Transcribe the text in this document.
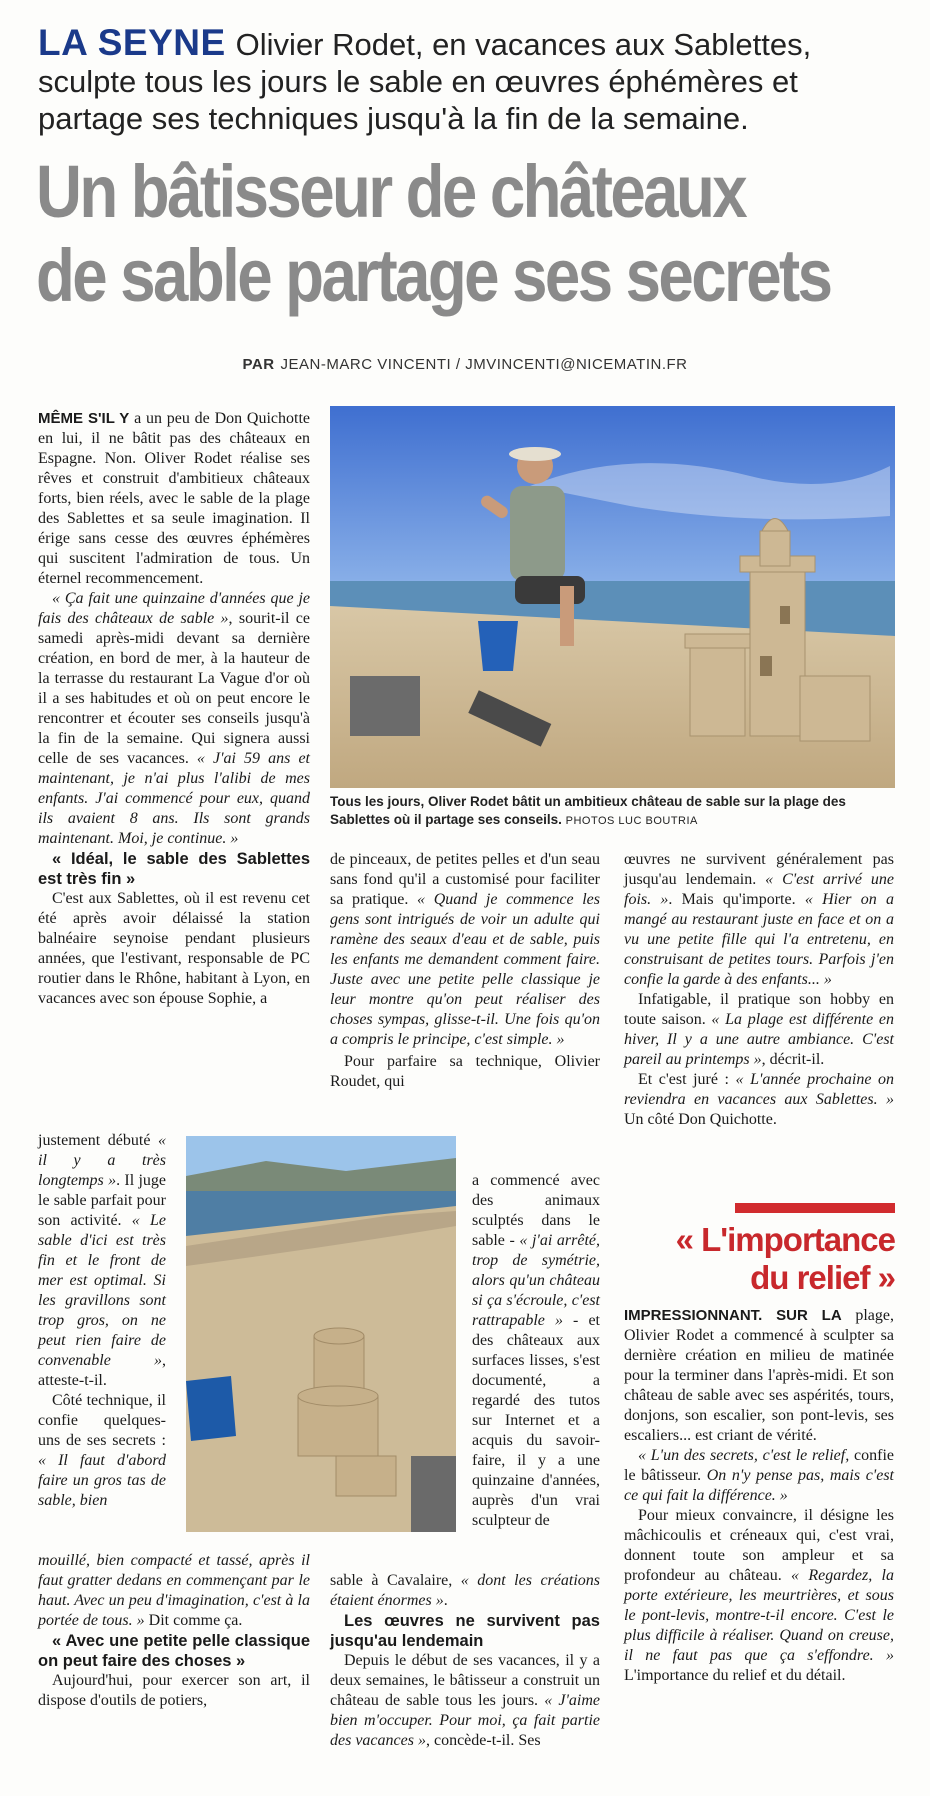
LA SEYNE Olivier Rodet, en vacances aux Sablettes, sculpte tous les jours le sable en œuvres éphémères et partage ses techniques jusqu'à la fin de la semaine.
Un bâtisseur de châteaux
de sable partage ses secrets
PAR JEAN-MARC VINCENTI / JMVINCENTI@NICEMATIN.FR
Tous les jours, Oliver Rodet bâtit un ambitieux château de sable sur la plage des Sablettes où il partage ses conseils. PHOTOS LUC BOUTRIA

MÊME S'IL Y a un peu de Don Quichotte en lui, il ne bâtit pas des châteaux en Espagne. Non. Oliver Rodet réalise ses rêves et construit d'ambitieux châteaux forts, bien réels, avec le sable de la plage des Sablettes et sa seule imagination. Il érige sans cesse des œuvres éphémères qui suscitent l'admiration de tous. Un éternel recommencement.

« Ça fait une quinzaine d'années que je fais des châteaux de sable », sourit-il ce samedi après-midi devant sa dernière création, en bord de mer, à la hauteur de la terrasse du restaurant La Vague d'or où il a ses habitudes et où on peut encore le rencontrer et écouter ses conseils jusqu'à la fin de la semaine. Qui signera aussi celle de ses vacances. « J'ai 59 ans et maintenant, je n'ai plus l'alibi de mes enfants. J'ai commencé pour eux, quand ils avaient 8 ans. Ils sont grands maintenant. Moi, je continue. »

« Idéal, le sable des Sablettes est très fin »

C'est aux Sablettes, où il est revenu cet été après avoir délaissé la station balnéaire seynoise pendant plusieurs années, que l'estivant, responsable de PC routier dans le Rhône, habitant à Lyon, en vacances avec son épouse Sophie, a

justement débuté « il y a très longtemps ». Il juge le sable parfait pour son activité. « Le sable d'ici est très fin et le front de mer est optimal. Si les gravillons sont trop gros, on ne peut rien faire de convenable », atteste-t-il.

Côté technique, il confie quelques-uns de ses secrets : « Il faut d'abord faire un gros tas de sable, bien

mouillé, bien compacté et tassé, après il faut gratter dedans en commençant par le haut. Avec un peu d'imagination, c'est à la portée de tous. » Dit comme ça.

« Avec une petite pelle classique on peut faire des choses »

Aujourd'hui, pour exercer son art, il dispose d'outils de potiers,

de pinceaux, de petites pelles et d'un seau sans fond qu'il a customisé pour faciliter sa pratique. « Quand je commence les gens sont intrigués de voir un adulte qui ramène des seaux d'eau et de sable, puis les enfants me demandent comment faire. Juste avec une petite pelle classique je leur montre qu'on peut réaliser des choses sympas, glisse-t-il. Une fois qu'on a compris le principe, c'est simple. »

Pour parfaire sa technique, Olivier Roudet, qui

a commencé avec des animaux sculptés dans le sable - « j'ai arrêté, trop de symétrie, alors qu'un château si ça s'écroule, c'est rattrapable » - et des châteaux aux surfaces lisses, s'est documenté, a regardé des tutos sur Internet et a acquis du savoir-faire, il y a une quinzaine d'années, auprès d'un vrai sculpteur de

sable à Cavalaire, « dont les créations étaient énormes ».

Les œuvres ne survivent pas jusqu'au lendemain

Depuis le début de ses vacances, il y a deux semaines, le bâtisseur a construit un château de sable tous les jours. « J'aime bien m'occuper. Pour moi, ça fait partie des vacances », concède-t-il. Ses

œuvres ne survivent généralement pas jusqu'au lendemain. « C'est arrivé une fois. ». Mais qu'importe. « Hier on a mangé au restaurant juste en face et on a vu une petite fille qui l'a entretenu, en construisant de petites tours. Parfois j'en confie la garde à des enfants... »

Infatigable, il pratique son hobby en toute saison. « La plage est différente en hiver, Il y a une autre ambiance. C'est pareil au printemps », décrit-il.

Et c'est juré : « L'année prochaine on reviendra en vacances aux Sablettes. » Un côté Don Quichotte.

« L'importance
du relief »

IMPRESSIONNANT. SUR LA plage, Olivier Rodet a commencé à sculpter sa dernière création en milieu de matinée pour la terminer dans l'après-midi. Et son château de sable avec ses aspérités, tours, donjons, son escalier, son pont-levis, ses escaliers... est criant de vérité.

« L'un des secrets, c'est le relief, confie le bâtisseur. On n'y pense pas, mais c'est ce qui fait la différence. »

Pour mieux convaincre, il désigne les mâchicoulis et créneaux qui, c'est vrai, donnent toute son ampleur et sa profondeur au château. « Regardez, la porte extérieure, les meurtrières, et sous le pont-levis, montre-t-il encore. C'est le plus difficile à réaliser. Quand on creuse, il ne faut pas que ça s'effondre. » L'importance du relief et du détail.
